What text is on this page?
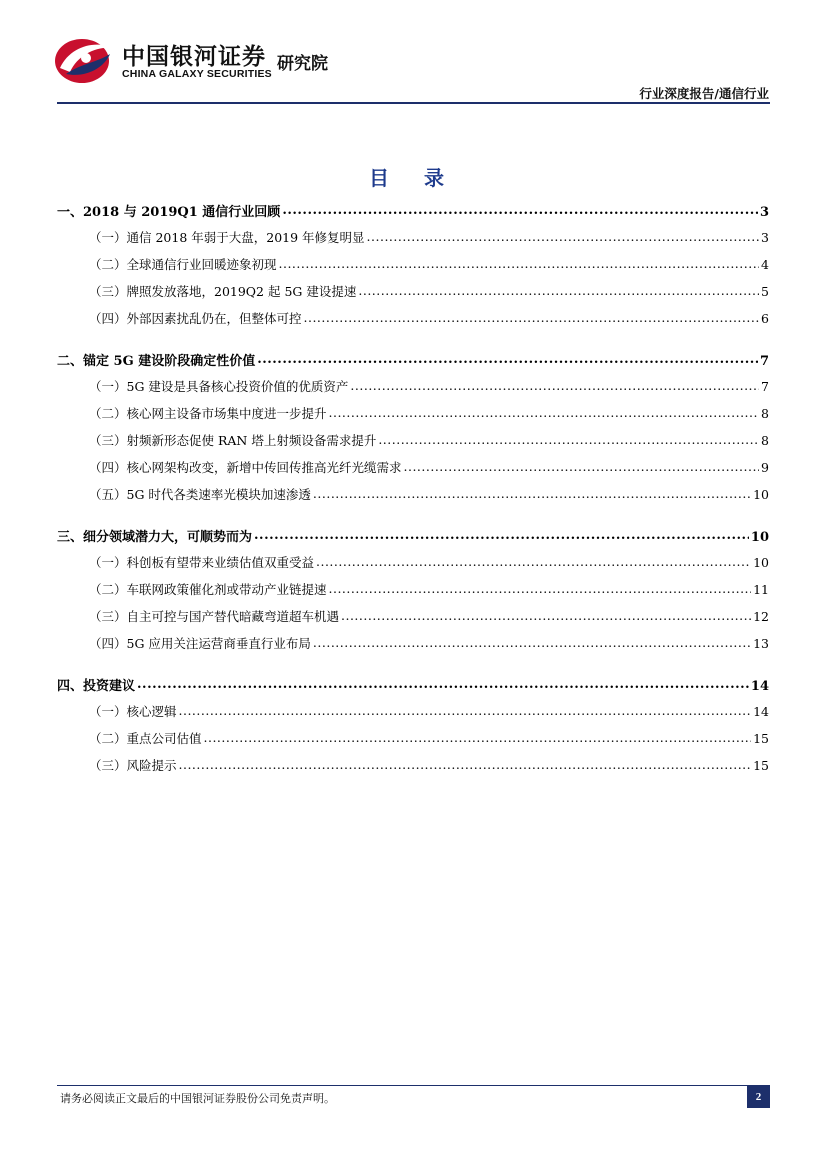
中国银河证券
CHINA GALAXY SECURITIES 研究院
行业深度报告/通信行业
目 录
一、2018 与 2019Q1 通信行业回顾 .....	3
（一）通信 2018 年弱于大盘，2019 年修复明显 .....	3
（二）全球通信行业回暖迹象初现 .....	4
（三）牌照发放落地，2019Q2 起 5G 建设提速 .....	5
（四）外部因素扰乱仍在，但整体可控 .....	6
二、锚定 5G 建设阶段确定性价值 .....	7
（一）5G 建设是具备核心投资价值的优质资产 .....	7
（二）核心网主设备市场集中度进一步提升 .....	8
（三）射频新形态促使 RAN 塔上射频设备需求提升 .....	8
（四）核心网架构改变，新增中传回传推高光纤光缆需求 .....	9
（五）5G 时代各类速率光模块加速渗透 .....	10
三、细分领域潜力大，可顺势而为 .....	10
（一）科创板有望带来业绩估值双重受益 .....	10
（二）车联网政策催化剂或带动产业链提速 .....	11
（三）自主可控与国产替代暗藏弯道超车机遇 .....	12
（四）5G 应用关注运营商垂直行业布局 .....	13
四、投资建议 .....	14
（一）核心逻辑 .....	14
（二）重点公司估值 .....	15
（三）风险提示 .....	15
请务必阅读正文最后的中国银河证券股份公司免责声明。	2
